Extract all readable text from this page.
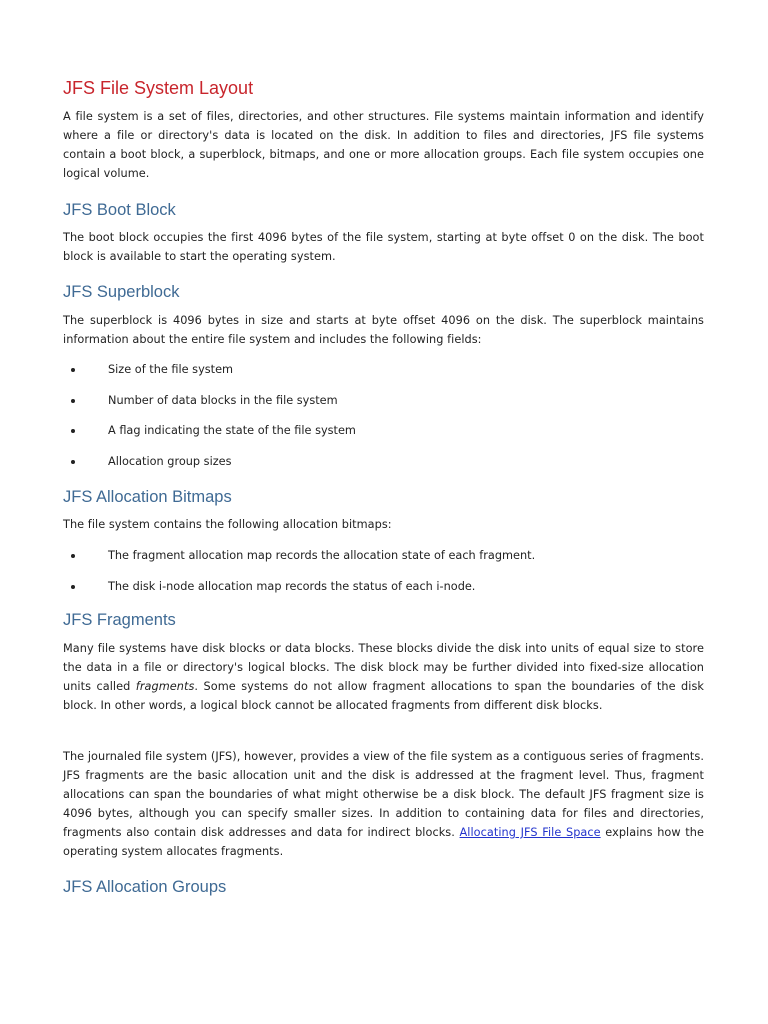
JFS File System Layout

A file system is a set of files, directories, and other structures. File systems maintain information and identify where a file or directory's data is located on the disk. In addition to files and directories, JFS file systems contain a boot block, a superblock, bitmaps, and one or more allocation groups. Each file system occupies one logical volume.

JFS Boot Block

The boot block occupies the first 4096 bytes of the file system, starting at byte offset 0 on the disk. The boot block is available to start the operating system.

JFS Superblock

The superblock is 4096 bytes in size and starts at byte offset 4096 on the disk. The superblock maintains information about the entire file system and includes the following fields:

Size of the file system
Number of data blocks in the file system
A flag indicating the state of the file system
Allocation group sizes
JFS Allocation Bitmaps

The file system contains the following allocation bitmaps:

The fragment allocation map records the allocation state of each fragment.
The disk i-node allocation map records the status of each i-node.
JFS Fragments

Many file systems have disk blocks or data blocks. These blocks divide the disk into units of equal size to store the data in a file or directory's logical blocks. The disk block may be further divided into fixed-size allocation units called fragments. Some systems do not allow fragment allocations to span the boundaries of the disk block. In other words, a logical block cannot be allocated fragments from different disk blocks.

The journaled file system (JFS), however, provides a view of the file system as a contiguous series of fragments. JFS fragments are the basic allocation unit and the disk is addressed at the fragment level. Thus, fragment allocations can span the boundaries of what might otherwise be a disk block. The default JFS fragment size is 4096 bytes, although you can specify smaller sizes. In addition to containing data for files and directories, fragments also contain disk addresses and data for indirect blocks. Allocating JFS File Space explains how the operating system allocates fragments.

JFS Allocation Groups
